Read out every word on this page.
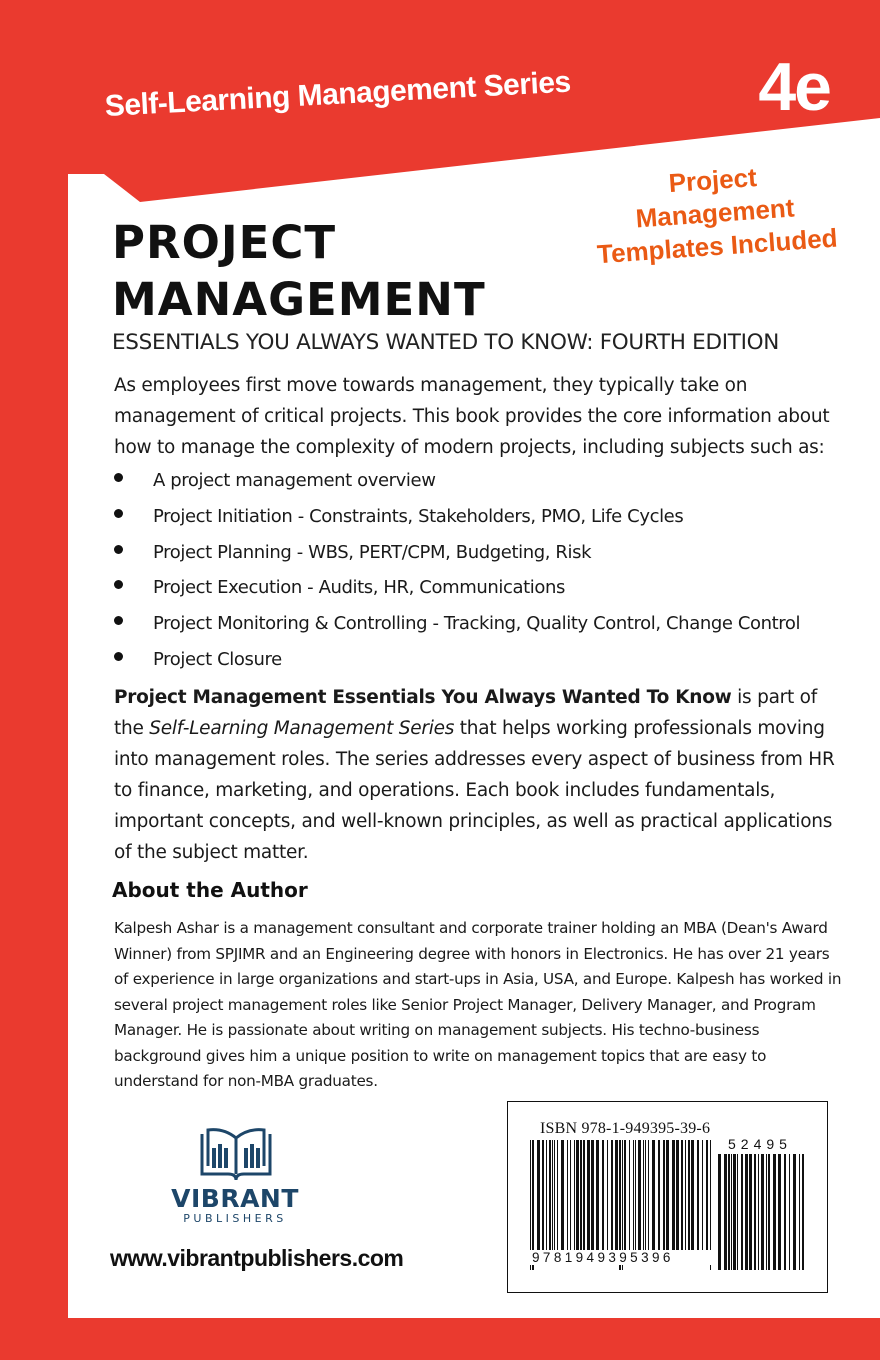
Self-Learning Management Series	4e
Project
Management
Templates Included
PROJECT
MANAGEMENT
ESSENTIALS YOU ALWAYS WANTED TO KNOW: FOURTH EDITION

As employees first move towards management, they typically take on management of critical projects. This book provides the core information about how to manage the complexity of modern projects, including subjects such as:

A project management overview
Project Initiation - Constraints, Stakeholders, PMO, Life Cycles
Project Planning - WBS, PERT/CPM, Budgeting, Risk
Project Execution - Audits, HR, Communications
Project Monitoring & Controlling - Tracking, Quality Control, Change Control
Project Closure

Project Management Essentials You Always Wanted To Know is part of the Self-Learning Management Series that helps working professionals moving into management roles. The series addresses every aspect of business from HR to finance, marketing, and operations. Each book includes fundamentals, important concepts, and well-known principles, as well as practical applications of the subject matter.

About the Author

Kalpesh Ashar is a management consultant and corporate trainer holding an MBA (Dean's Award Winner) from SPJIMR and an Engineering degree with honors in Electronics. He has over 21 years of experience in large organizations and start-ups in Asia, USA, and Europe. Kalpesh has worked in several project management roles like Senior Project Manager, Delivery Manager, and Program Manager. He is passionate about writing on management subjects. His techno-business background gives him a unique position to write on management topics that are easy to understand for non-MBA graduates.

VIBRANT
PUBLISHERS
www.vibrantpublishers.com
ISBN 978-1-949395-39-6
52495
9781949395396
